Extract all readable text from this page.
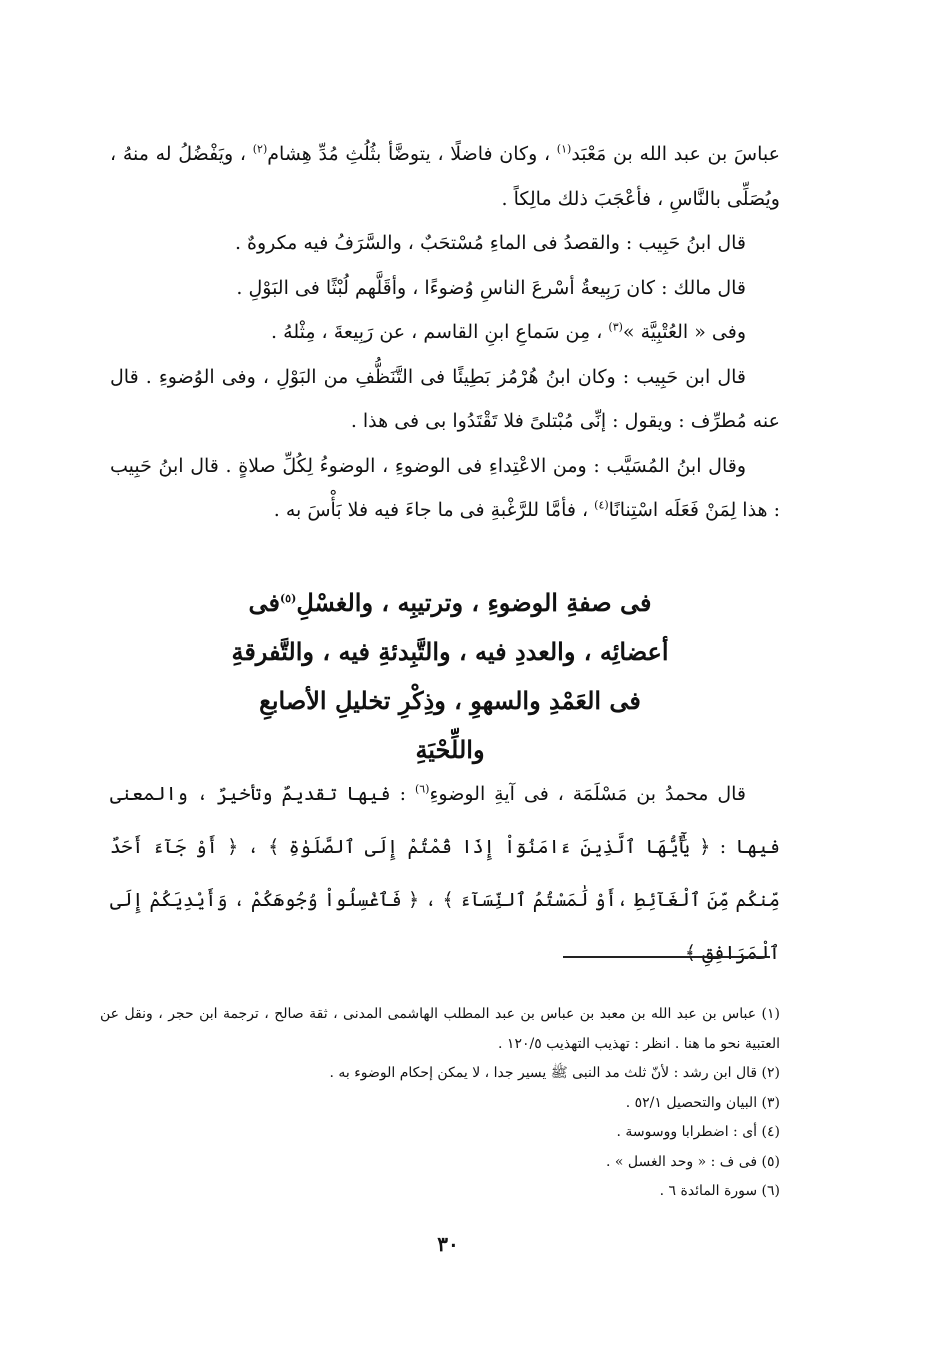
عباسَ بن عبد الله بن مَعْبَد$^{(١)}$ ، وكان فاضلًا ، يتوضَّأ بثُلُثِ مُدِّ هِشام$^{(٢)}$ ، ويَفْضُلُ له منهُ ، ويُصَلِّى بالنَّاسِ ، فأعْجَبَ ذلك مالِكاً .

قال ابنُ حَبِيب : والقصدُ فى الماءِ مُسْتحَبٌ ، والسَّرَفُ فيه مكروهٌ .

قال مالك : كان رَبِيعةُ أسْرعَ الناسِ وُضوءًا ، وأقَلَّهم لُبْثًا فى البَوْلِ .

وفى « العُتْبِيَّة »$^{(٣)}$ ، مِن سَماعِ ابنِ القاسم ، عن رَبِيعةَ ، مِثْلهُ .

قال ابن حَبِيب : وكان ابنُ هُرْمُز بَطِيئًا فى التَّنَظُّفِ من البَوْلِ ، وفى الوُضوءِ . قال عنه مُطرِّف : ويقول : إنِّى مُبْتلىً فلا تَقْتَدُوا بى فى هذا .

وقال ابنُ المُسَيَّب : ومن الاعْتِداءِ فى الوضوءِ ، الوضوءُ لِكُلِّ صلاةٍ . قال ابنُ حَبِيب : هذا لِمَنْ فَعَلَه اسْتِنانًا$^{(٤)}$ ، فأمَّا للرَّغْبةِ فى ما جاءَ فيه فلا بَأْسَ به .

فى صفةِ الوضوءِ ، وترتيبِه ، والغسْلِ$^{(٥)}$فى
أعضائِه ، والعددِ فيه ، والتَّبِدئةِ فيه ، والتَّفرقةِ
فى العَمْدِ والسهوِ ، وذِكْرِ تخليلِ الأصابعِ
واللِّحْيَةِ

قال محمدُ بن مَسْلَمَة ، فى آيةِ الوضوءِ$^{(٦)}$ : فيها تقديمٌ وتأخيرٌ ، والمعنى فيها : ﴿ يَٰٓأَيُّهَا ٱلَّذِينَ ءَامَنُوٓاْ إِذَا قُمْتُمْ إِلَى ٱلصَّلَوٰةِ ﴾ ، ﴿ أَوْ جَآءَ أَحَدٌ مِّنكُم مِّنَ ٱلْغَآئِطِ ،أَوْ لَٰمَسْتُمُ ٱلنِّسَآءَ ﴾ ، ﴿ فَٱغْسِلُواْ وُجُوهَكُمْ ، وَأَيْدِيَكُمْ إِلَى ٱلْمَرَافِقِ ﴾

(١) عباس بن عبد الله بن معبد بن عباس بن عبد المطلب الهاشمى المدنى ، ثقة صالح ، ترجمة ابن حجر ، ونقل عن العتبية نحو ما هنا . انظر : تهذيب التهذيب ١٢٠/٥ .

(٢) قال ابن رشد : لأنّ ثلث مد النبى ﷺ يسير جدا ، لا يمكن إحكام الوضوء به .

(٣) البيان والتحصيل ٥٢/١ .

(٤) أى : اضطرابا ووسوسة .

(٥) فى ف : « وحد الغسل » .

(٦) سورة المائدة ٦ .

٣٠
